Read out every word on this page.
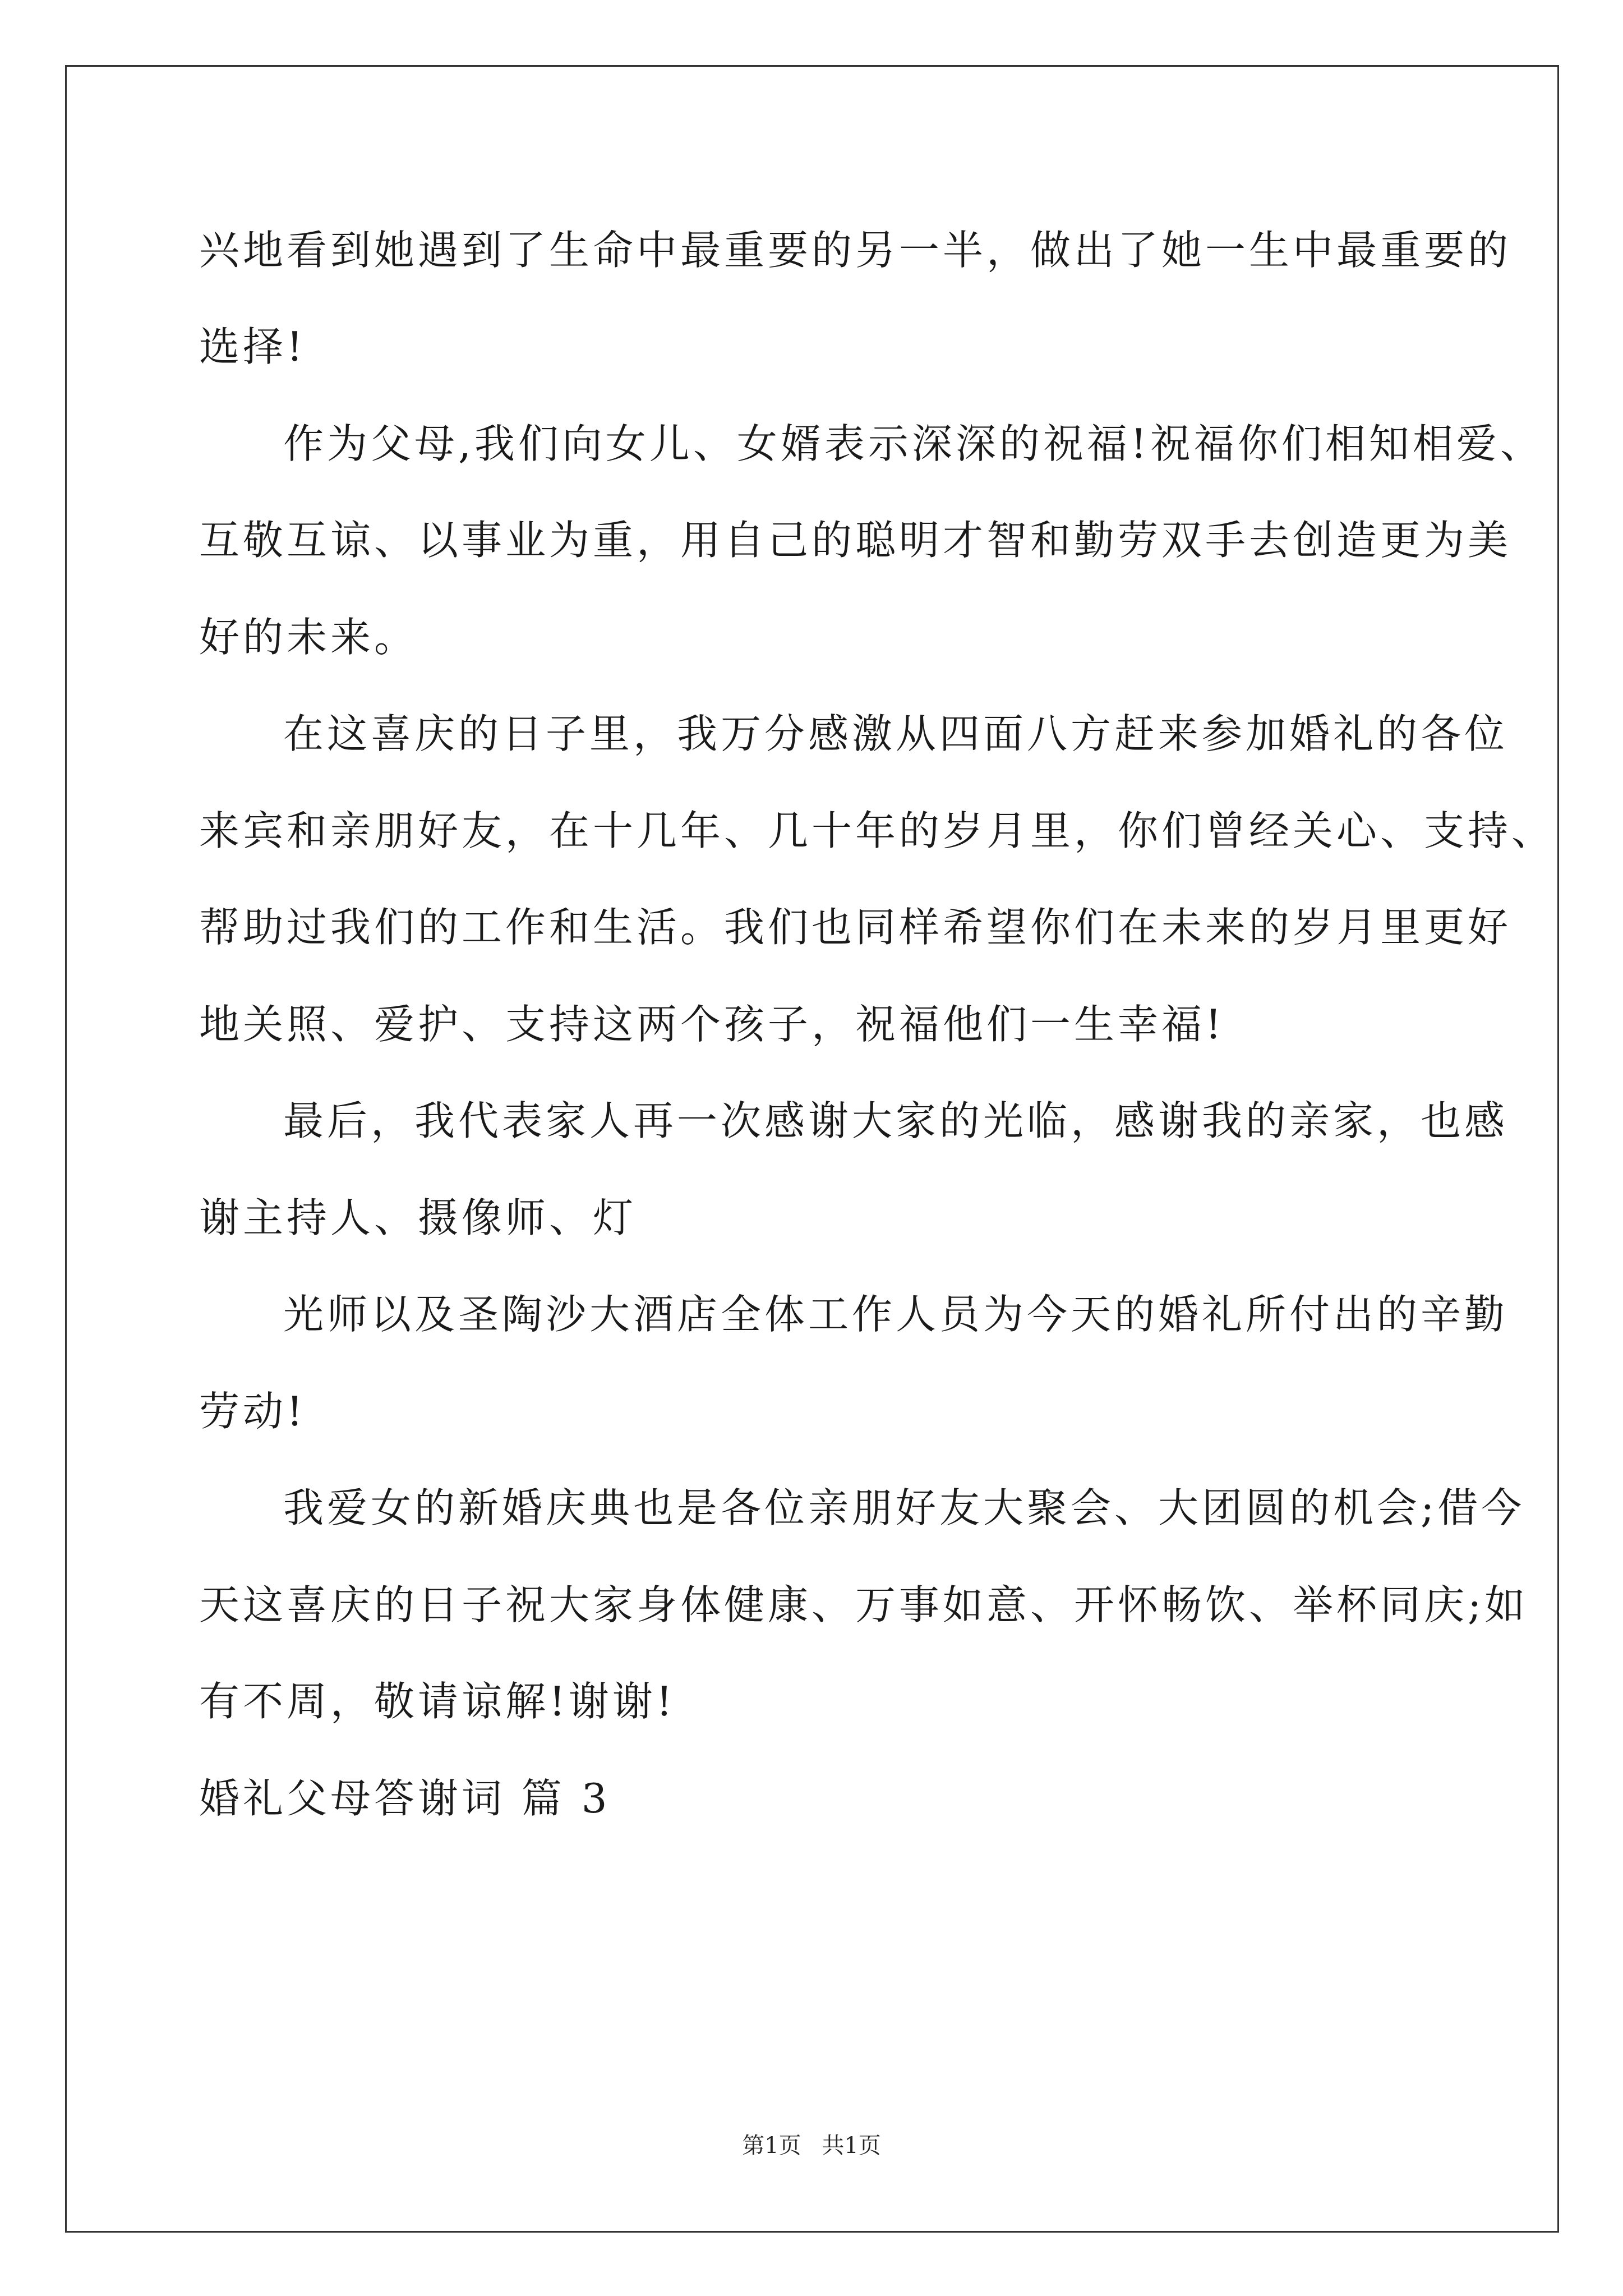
兴地看到她遇到了生命中最重要的另一半，做出了她一生中最重要的
选择!
作为父母,我们向女儿、女婿表示深深的祝福!祝福你们相知相爱、
互敬互谅、以事业为重，用自己的聪明才智和勤劳双手去创造更为美
好的未来。
在这喜庆的日子里，我万分感激从四面八方赶来参加婚礼的各位
来宾和亲朋好友，在十几年、几十年的岁月里，你们曾经关心、支持、
帮助过我们的工作和生活。我们也同样希望你们在未来的岁月里更好
地关照、爱护、支持这两个孩子，祝福他们一生幸福!
最后，我代表家人再一次感谢大家的光临，感谢我的亲家，也感
谢主持人、摄像师、灯
光师以及圣陶沙大酒店全体工作人员为今天的婚礼所付出的辛勤
劳动!
我爱女的新婚庆典也是各位亲朋好友大聚会、大团圆的机会;借今
天这喜庆的日子祝大家身体健康、万事如意、开怀畅饮、举杯同庆;如
有不周，敬请谅解!谢谢!
婚礼父母答谢词 篇 3
第1页 共1页
